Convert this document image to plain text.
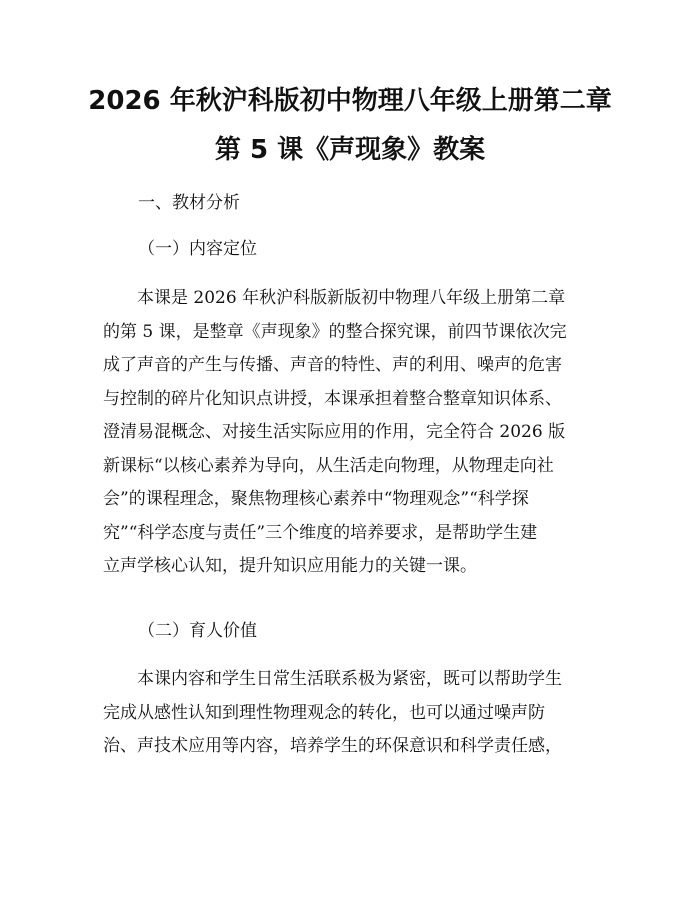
2026 年秋沪科版初中物理八年级上册第二章
第 5 课《声现象》教案
一、教材分析
（一）内容定位
本课是 2026 年秋沪科版新版初中物理八年级上册第二章
的第 5 课，是整章《声现象》的整合探究课，前四节课依次完
成了声音的产生与传播、声音的特性、声的利用、噪声的危害
与控制的碎片化知识点讲授，本课承担着整合整章知识体系、
澄清易混概念、对接生活实际应用的作用，完全符合 2026 版
新课标“以核心素养为导向，从生活走向物理，从物理走向社
会”的课程理念，聚焦物理核心素养中“物理观念”“科学探
究”“科学态度与责任”三个维度的培养要求，是帮助学生建
立声学核心认知，提升知识应用能力的关键一课。
（二）育人价值
本课内容和学生日常生活联系极为紧密，既可以帮助学生
完成从感性认知到理性物理观念的转化，也可以通过噪声防
治、声技术应用等内容，培养学生的环保意识和科学责任感，
